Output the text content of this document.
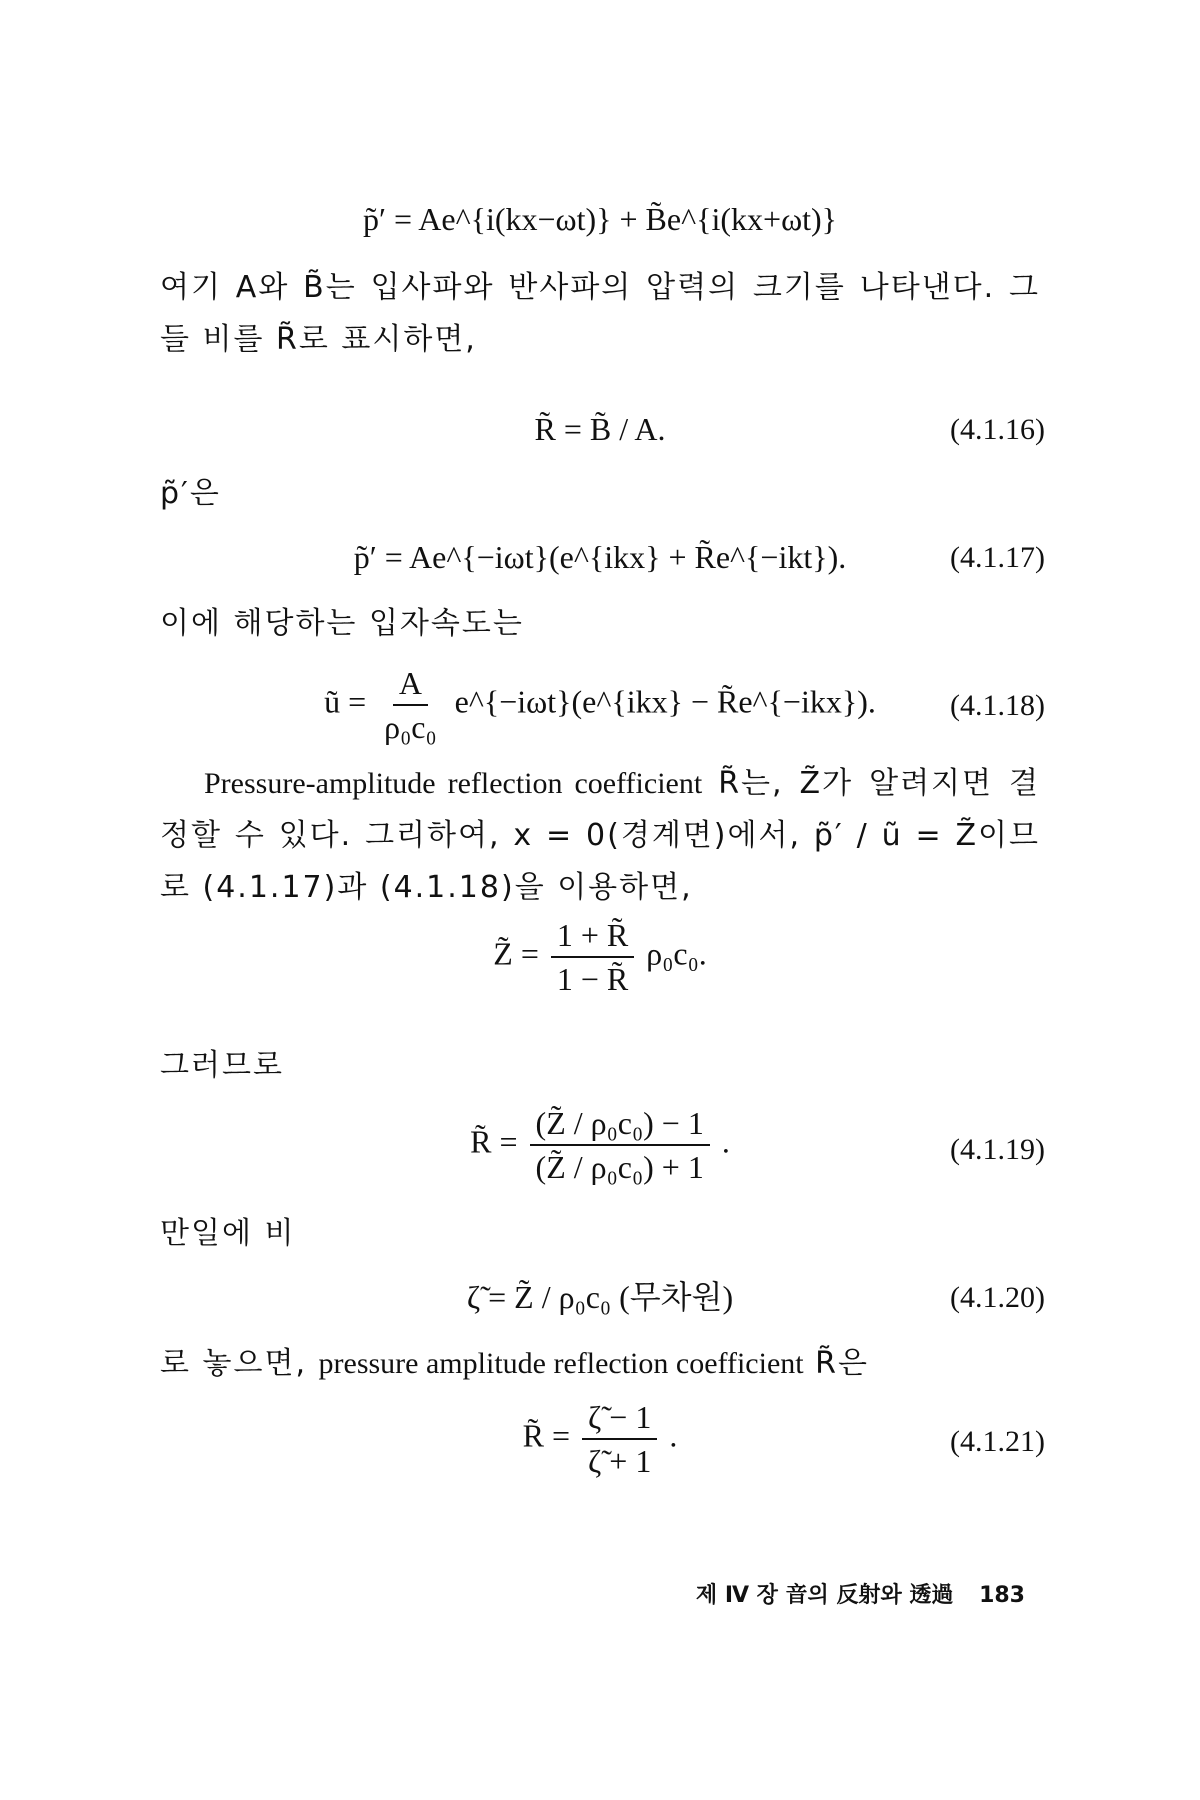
p̃′ = Ae^{i(kx−ωt)} + B̃e^{i(kx+ωt)}
여기 A와 B̃는 입사파와 반사파의 압력의 크기를 나타낸다. 그들 비를 R̃로 표시하면,
R̃ = B̃ / A.	(4.1.16)
p̃′은
p̃′ = Ae^{−iωt}(e^{ikx} + R̃e^{−ikt}).	(4.1.17)
이에 해당하는 입자속도는
ũ = $\frac{A}{\text{ρ₀c₀}}$ e^{−iωt}(e^{ikx} − R̃e^{−ikx}).	(4.1.18)
Pressure-amplitude reflection coefficient R̃는, Z̃가 알려지면 결정할 수 있다. 그리하여, x = 0(경계면)에서, p̃′ / ũ = Z̃이므로 (4.1.17)과 (4.1.18)을 이용하면,
Z̃ = $\frac{1 + R̃}{1 - R̃} \rho_0c_0$.
그러므로
R̃ = $\frac{\text{(Z̃ / ρ₀c₀) − 1}}{\text{(Z̃ / ρ₀c₀) + 1}}$ .	(4.1.19)
만일에 비
ζ̃ = Z̃ / ρ₀c₀ (무차원)	(4.1.20)
로 놓으면, pressure amplitude reflection coefficient R̃은
R̃ = $\frac{\zetã - 1}{\zetã + 1}$ .	(4.1.21)
제 Ⅳ 장 音의 反射와 透過 183
